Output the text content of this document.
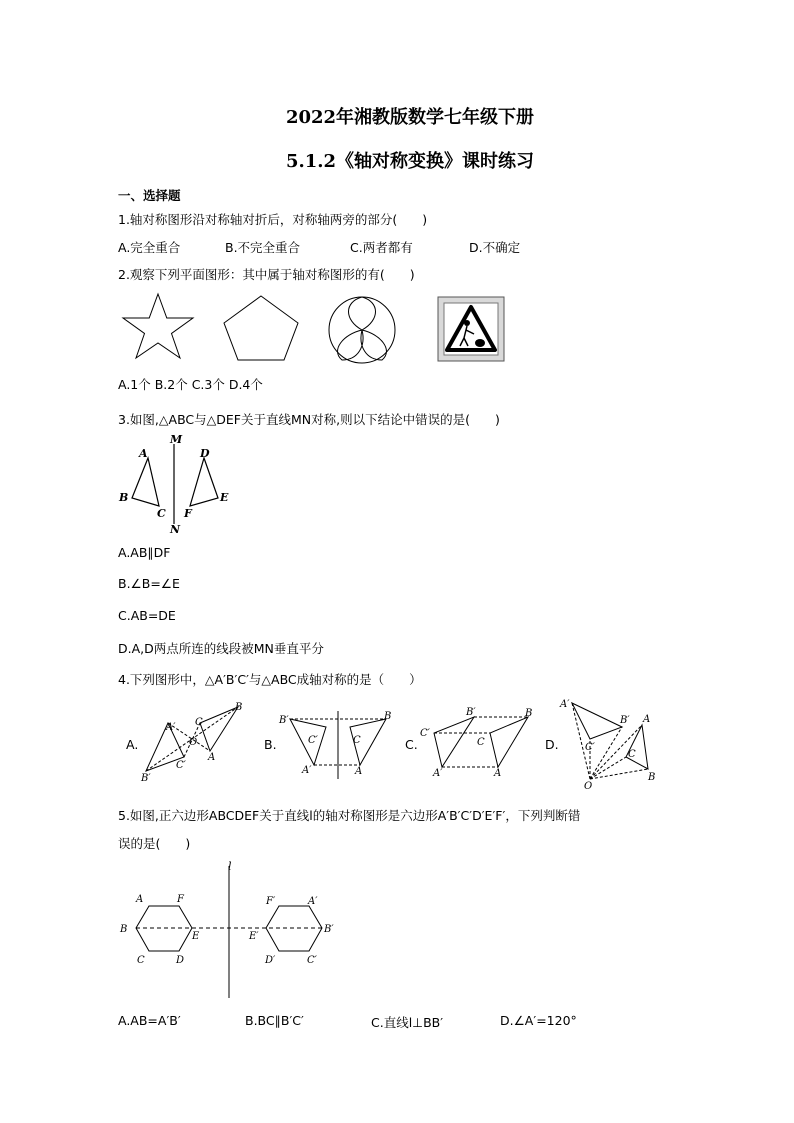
2022年湘教版数学七年级下册
5.1.2《轴对称变换》课时练习
一、选择题
1.轴对称图形沿对称轴对折后，对称轴两旁的部分(　　)
A.完全重合	B.不完全重合	C.两者都有	D.不确定
2.观察下列平面图形：其中属于轴对称图形的有(　　)
A.1个 B.2个 C.3个 D.4个
3.如图,△ABC与△DEF关于直线MN对称,则以下结论中错误的是(　　)
M
N
A
B
C
D
E
F
A.AB∥DF
B.∠B=∠E
C.AB=DE
D.A,D两点所连的线段被MN垂直平分
4.下列图形中，△A′B′C′与△ABC成轴对称的是（　　）
A.	B.	C.	D.
A′
B
C
O
C′
A
B′
B′	B
C′	C
A′	A
B′	B
C′
C
A′	A
A′
B′ A
C′
C
O
B
5.如图,正六边形ABCDEF关于直线l的轴对称图形是六边形A′B′C′D′E′F′，下列判断错
误的是(　　)
l
A	F
B
E
C	D
F′	A′
E′
B′
D′	C′
A.AB=A′B′	B.BC∥B′C′	C.直线l⊥BB′	D.∠A′=120°
